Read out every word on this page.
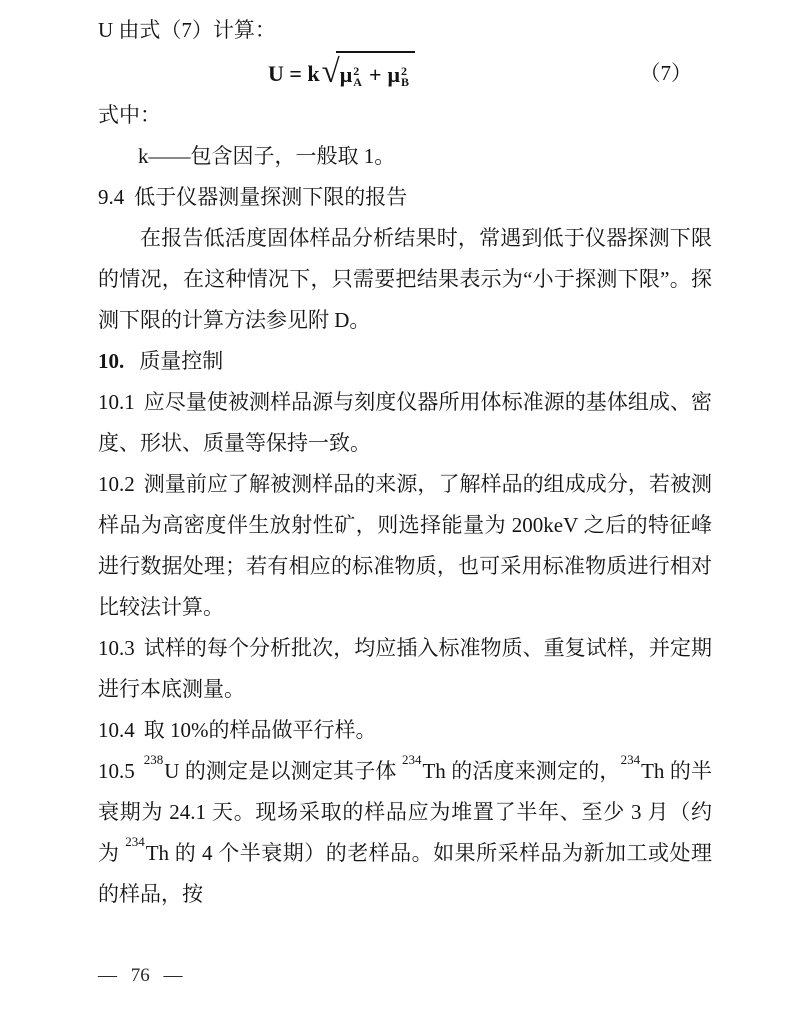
U 由式（7）计算：

U = k √ μ 2
A + μ 2
B	（7）

式中：

k——包含因子，一般取 1。

9.4 低于仪器测量探测下限的报告

在报告低活度固体样品分析结果时，常遇到低于仪器探测下限的情况，在这种情况下，只需要把结果表示为“小于探测下限”。探测下限的计算方法参见附 D。

10. 质量控制

10.1 应尽量使被测样品源与刻度仪器所用体标准源的基体组成、密度、形状、质量等保持一致。

10.2 测量前应了解被测样品的来源，了解样品的组成成分，若被测样品为高密度伴生放射性矿，则选择能量为 200keV 之后的特征峰进行数据处理；若有相应的标准物质，也可采用标准物质进行相对比较法计算。

10.3 试样的每个分析批次，均应插入标准物质、重复试样，并定期进行本底测量。

10.4 取 10%的样品做平行样。

10.5 $^{238}$U 的测定是以测定其子体 $^{234}$Th 的活度来测定的，$^{234}$Th 的半衰期为 24.1 天。现场采取的样品应为堆置了半年、至少 3 月（约为 $^{234}$Th 的 4 个半衰期）的老样品。如果所采样品为新加工或处理的样品，按

— 76 —
